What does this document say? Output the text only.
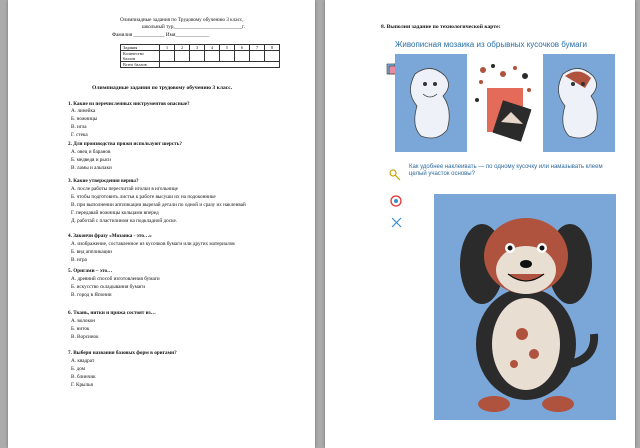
Олимпиадные задания по Трудовому обучению 3 класс,
школьный тур,__________________________г.
Фамилия ____________ Имя_____________
Задания	1	2	3	4	5	6	7	8
Количество баллов								
Всего баллов								
Олимпиадные задания по трудовому обучению 3 класс.
1. Какие из перечисленных инструментов опасные?
А. линейка
Б. ножницы
В. игла
Г. стека
2. Для производства пряжи используют шерсть?
А. овец и баранов
Б. медведя и рыси
В. ламы и альпаки
3. Какие утверждения верны?
А. после работы пересчитай иголки в игольнице
Б. чтобы подготовить листья к работе высуши их на подоконнике
В. при выполнении аппликации вырезай детали по одной и сразу их наклеивай
Г. передавай ножницы кольцами вперед
Д. работай с пластилином на подкладной доске.
4. Закончи фразу «Мозаика - это…»
А. изображение, составленное из кусочков бумаги или других материалов
Б. вид аппликации
В. игра
5. Оригами – это…
А. древний способ изготовления бумаги
Б. искусство складывания бумаги
В. город в Японии
6. Ткань, нитки и пряжа состоят из…
А. волокон
Б. ниток
В. Ворсинок
7. Выбери названия базовых форм в оригами?
А. квадрат
Б. дом
В. блинчик
Г. Крылья
8. Выполни задание по технологической карте:
Живописная мозаика из обрывных кусочков бумаги
Как удобнее наклеивать — по одному кусочку или намазывать клеем целый участок основы?
